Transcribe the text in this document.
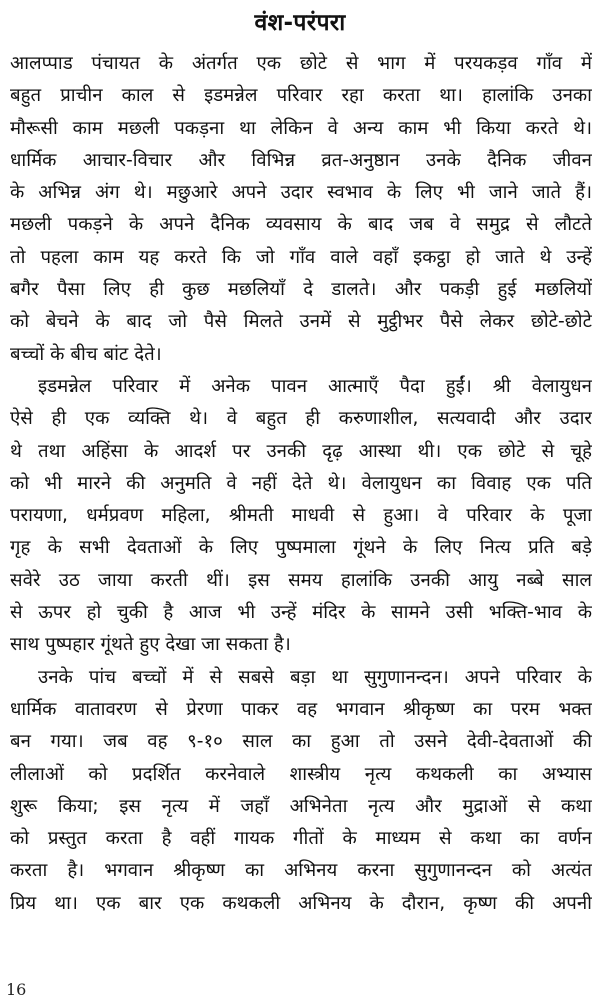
वंश-परंपरा
आलप्पाड पंचायत के अंतर्गत एक छोटे से भाग में परयकड़व गाँव में
बहुत प्राचीन काल से इडमन्नेल परिवार रहा करता था। हालांकि उनका
मौरूसी काम मछली पकड़ना था लेकिन वे अन्य काम भी किया करते थे।
धार्मिक आचार-विचार और विभिन्न व्रत-अनुष्ठान उनके दैनिक जीवन
के अभिन्न अंग थे। मछुआरे अपने उदार स्वभाव के लिए भी जाने जाते हैं।
मछली पकड़ने के अपने दैनिक व्यवसाय के बाद जब वे समुद्र से लौटते
तो पहला काम यह करते कि जो गाँव वाले वहाँ इकट्ठा हो जाते थे उन्हें
बगैर पैसा लिए ही कुछ मछलियाँ दे डालते। और पकड़ी हुई मछलियों
को बेचने के बाद जो पैसे मिलते उनमें से मुट्ठीभर पैसे लेकर छोटे-छोटे
बच्चों के बीच बांट देते।
इडमन्नेल परिवार में अनेक पावन आत्माएँ पैदा हुईं। श्री वेलायुधन
ऐसे ही एक व्यक्ति थे। वे बहुत ही करुणाशील, सत्यवादी और उदार
थे तथा अहिंसा के आदर्श पर उनकी दृढ़ आस्था थी। एक छोटे से चूहे
को भी मारने की अनुमति वे नहीं देते थे। वेलायुधन का विवाह एक पति
परायणा, धर्मप्रवण महिला, श्रीमती माधवी से हुआ। वे परिवार के पूजा
गृह के सभी देवताओं के लिए पुष्पमाला गूंथने के लिए नित्य प्रति बड़े
सवेरे उठ जाया करती थीं। इस समय हालांकि उनकी आयु नब्बे साल
से ऊपर हो चुकी है आज भी उन्हें मंदिर के सामने उसी भक्ति-भाव के
साथ पुष्पहार गूंथते हुए देखा जा सकता है।
उनके पांच बच्चों में से सबसे बड़ा था सुगुणानन्दन। अपने परिवार के
धार्मिक वातावरण से प्रेरणा पाकर वह भगवान श्रीकृष्ण का परम भक्त
बन गया। जब वह ९-१० साल का हुआ तो उसने देवी-देवताओं की
लीलाओं को प्रदर्शित करनेवाले शास्त्रीय नृत्य कथकली का अभ्यास
शुरू किया; इस नृत्य में जहाँ अभिनेता नृत्य और मुद्राओं से कथा
को प्रस्तुत करता है वहीं गायक गीतों के माध्यम से कथा का वर्णन
करता है। भगवान श्रीकृष्ण का अभिनय करना सुगुणानन्दन को अत्यंत
प्रिय था। एक बार एक कथकली अभिनय के दौरान, कृष्ण की अपनी
16
